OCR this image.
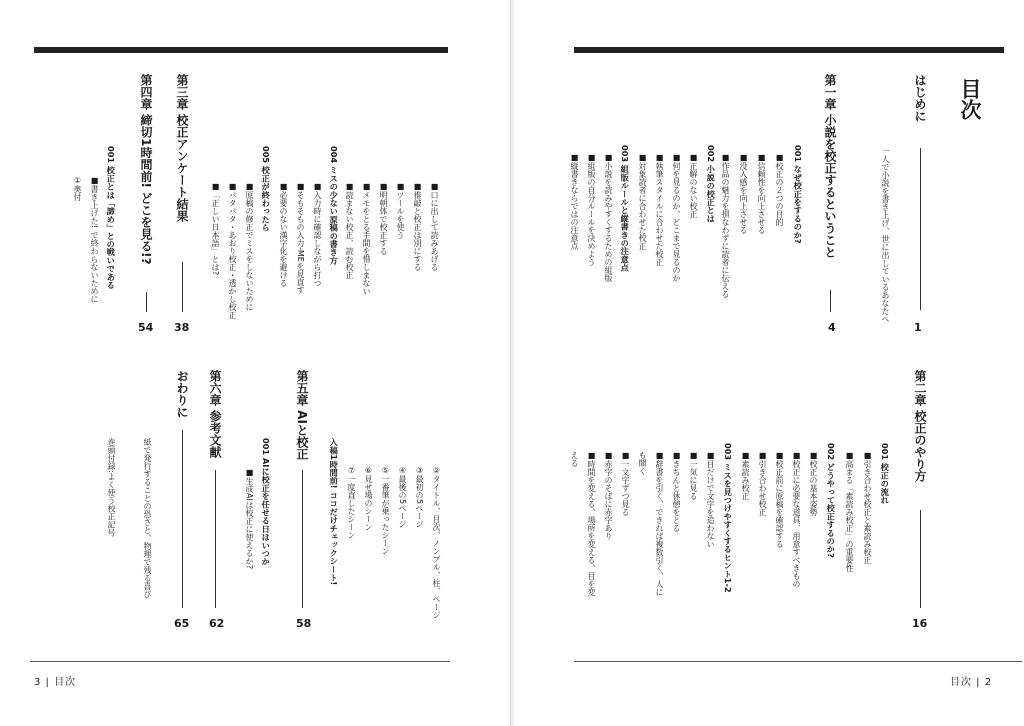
目次
はじめに
1
一人で小説を書き上げ、世に出しているあなたへ
第一章 小説を校正するということ
4
001 なぜ校正をするのか?
■校正の２つの目的
■信頼性を向上させる
■没入感を向上させる
■作品の魅力を損なわずに読者に伝える
002 小説の校正とは
■正解のない校正
■何を見るのか、どこまで見るのか
■執筆スタイルに合わせた校正
■対象読者に合わせた校正
003 組版ルールと縦書きの注意点
■小説を読みやすくするための組版
■組版の自分ルールを決めよう
■縦書きならではの注意点
第二章 校正のやり方
16
001 校正の流れ
■引き合わせ校正と素読み校正
■高まる「素読み校正」の重要性
002 どうやって校正するのか?
■校正の基本姿勢
■校正に必要な道具、用意すべきもの
■校正前に原稿を確認する
■引き合わせ校正
■素読み校正
003 ミスを見つけやすくするヒント1-2
■目だけで文字を追わない
■一気に見る
■きちんと休憩をとる
■辞書を引く、できれば複数引く、人に
も聞く
■一文字ずつ見る
■赤字のそばに赤字あり
■時間を変える、場所を変える、目を変
える
目次 | 2
■口に出して読みあげる
■推敲と校正は別にする
■ツールを使う
■明朝体で校正する
■メモをとる手間を惜しまない
■読まない校正、読む校正
004 ミスの少ない原稿の書き方
■入力時に確認しながら打つ
■そもそもの入力-MEを見直す
■必要のない漢字化を避ける
005 校正が終わったら
■原稿の修正でミスをしないために
■バタバタ・あおり校正・透かし校正
■「正しい日本語」とは?
第三章 校正アンケート結果
38
第四章 締切1時間前! どこを見る!?
54
001 校正とは「諦め」との戦いである
■書き上げた! で終わらないために
①奥付
②タイトル、目次、ノンブル、柱、ページ
③最初の5ページ
④最後の5ページ
⑤一番筆が乗ったシーン
⑥見せ場のシーン
⑦一度直したシーン
入稿1時間前! ココだけチェックシート!
第五章 AIと校正
58
001 AIに校正を任せる日はいつか
■生成AIは校正に使えるか?
第六章 参考文献
62
おわりに
65
紙で発行することの恐さと、物理で残る喜び
巻頭付録:よく使う校正記号
3 | 目次
